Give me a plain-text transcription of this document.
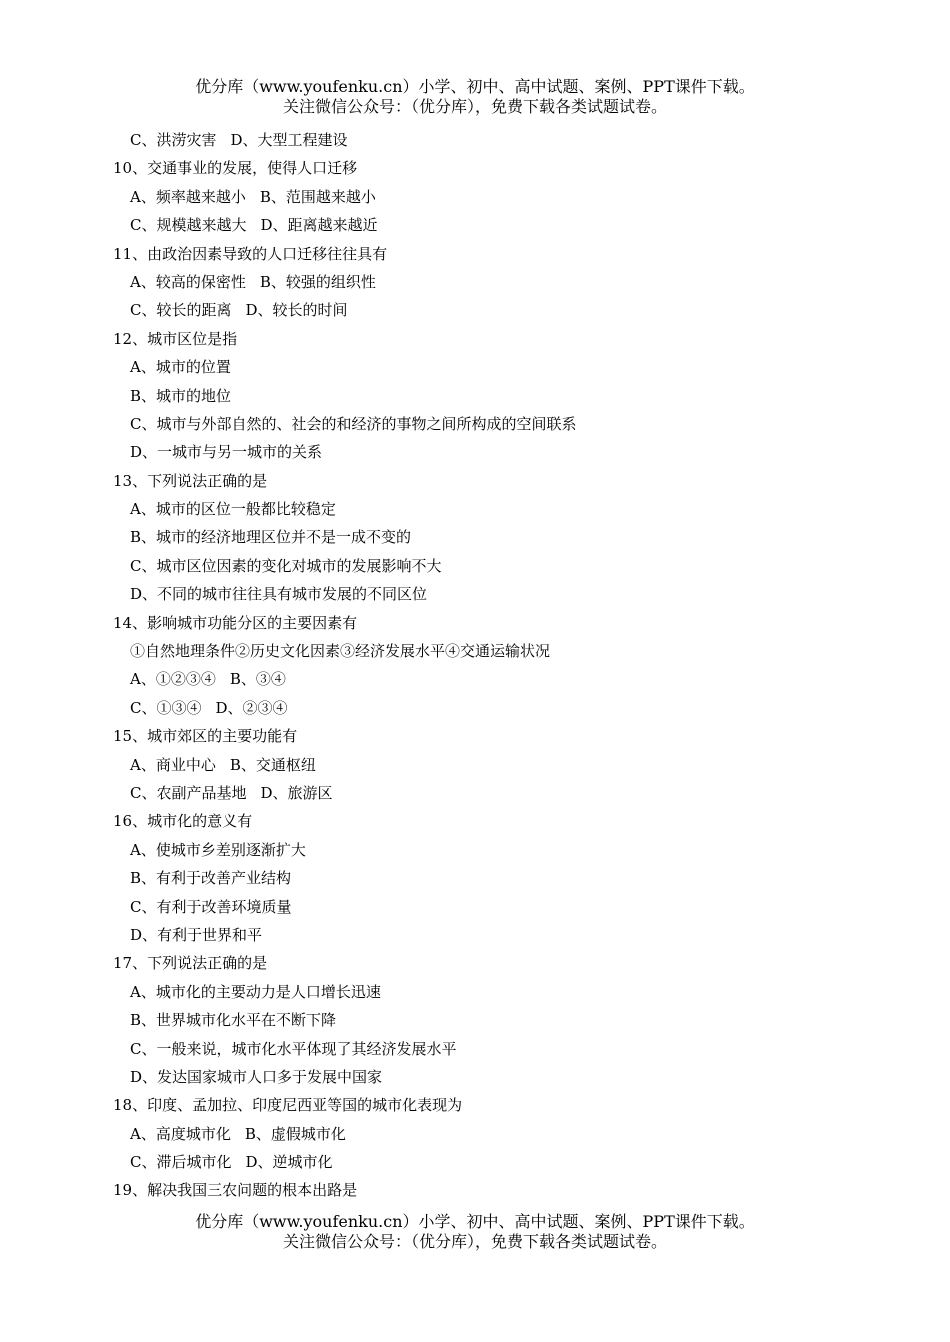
优分库（www.youfenku.cn）小学、初中、高中试题、案例、PPT课件下载。
关注微信公众号：（优分库），免费下载各类试题试卷。
C、洪涝灾害 D、大型工程建设
10、交通事业的发展，使得人口迁移
A、频率越来越小 B、范围越来越小
C、规模越来越大 D、距离越来越近
11、由政治因素导致的人口迁移往往具有
A、较高的保密性 B、较强的组织性
C、较长的距离 D、较长的时间
12、城市区位是指
A、城市的位置
B、城市的地位
C、城市与外部自然的、社会的和经济的事物之间所构成的空间联系
D、一城市与另一城市的关系
13、下列说法正确的是
A、城市的区位一般都比较稳定
B、城市的经济地理区位并不是一成不变的
C、城市区位因素的变化对城市的发展影响不大
D、不同的城市往往具有城市发展的不同区位
14、影响城市功能分区的主要因素有
①自然地理条件②历史文化因素③经济发展水平④交通运输状况
A、①②③④ B、③④
C、①③④ D、②③④
15、城市郊区的主要功能有
A、商业中心 B、交通枢纽
C、农副产品基地 D、旅游区
16、城市化的意义有
A、使城市乡差别逐渐扩大
B、有利于改善产业结构
C、有利于改善环境质量
D、有利于世界和平
17、下列说法正确的是
A、城市化的主要动力是人口增长迅速
B、世界城市化水平在不断下降
C、一般来说，城市化水平体现了其经济发展水平
D、发达国家城市人口多于发展中国家
18、印度、孟加拉、印度尼西亚等国的城市化表现为
A、高度城市化 B、虚假城市化
C、滞后城市化 D、逆城市化
19、解决我国三农问题的根本出路是
优分库（www.youfenku.cn）小学、初中、高中试题、案例、PPT课件下载。
关注微信公众号：（优分库），免费下载各类试题试卷。
